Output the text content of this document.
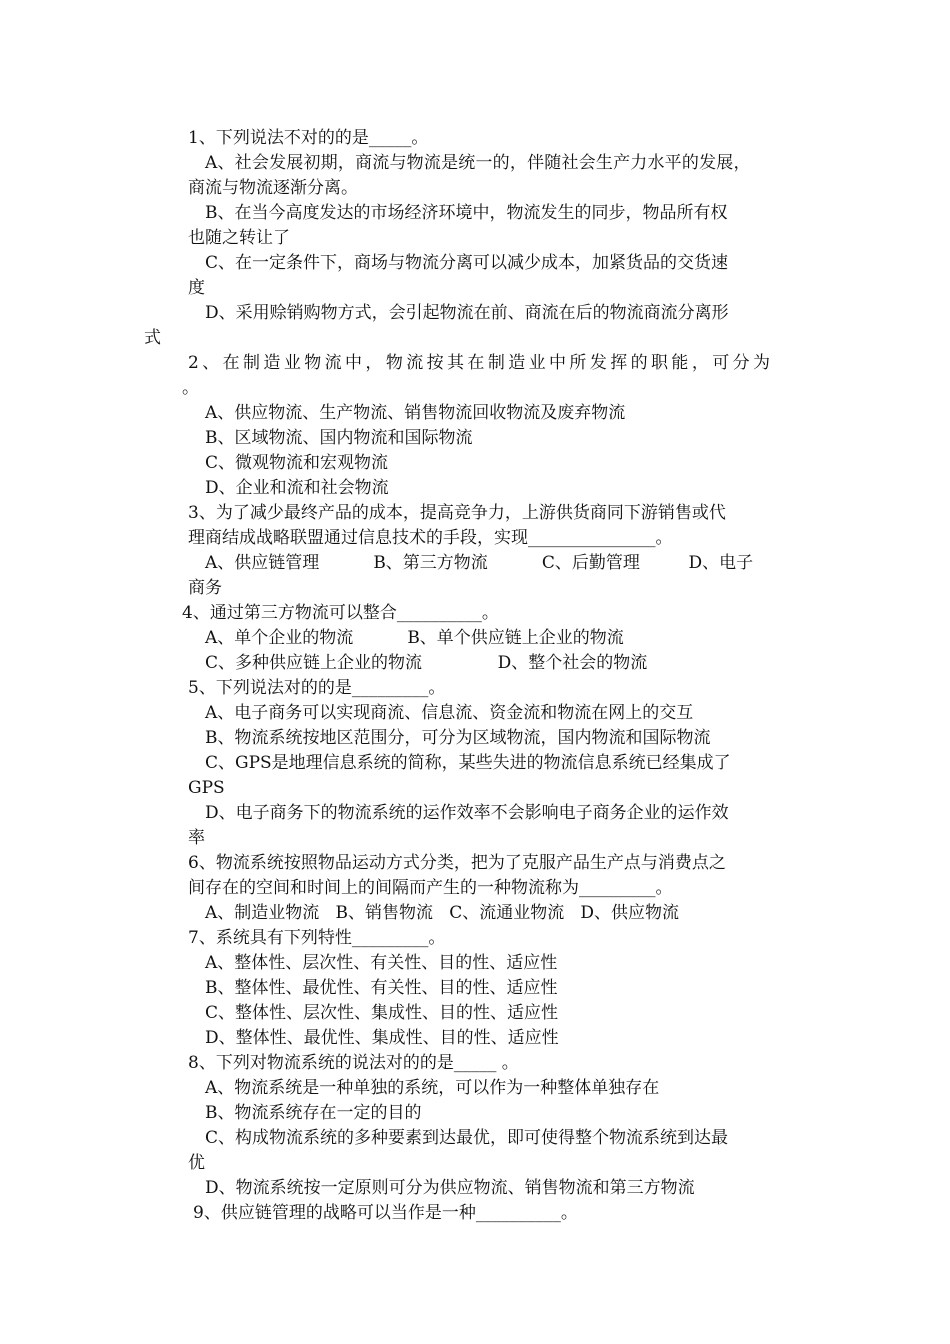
1、下列说法不对的的是_____。

A、社会发展初期，商流与物流是统一的，伴随社会生产力水平的发展，

商流与物流逐渐分离。

B、在当今高度发达的市场经济环境中，物流发生的同步，物品所有权

也随之转让了

C、在一定条件下，商场与物流分离可以减少成本，加紧货品的交货速

度

D、采用赊销购物方式，会引起物流在前、商流在后的物流商流分离形

式

2、在制造业物流中，物流按其在制造业中所发挥的职能，可分为

。

A、供应物流、生产物流、销售物流回收物流及废弃物流

B、区域物流、国内物流和国际物流

C、微观物流和宏观物流

D、企业和流和社会物流

3、为了减少最终产品的成本，提高竞争力，上游供货商同下游销售或代

理商结成战略联盟通过信息技术的手段，实现_______________。

A、供应链管理          B、第三方物流          C、后勤管理         D、电子

商务

4、通过第三方物流可以整合__________。

A、单个企业的物流          B、单个供应链上企业的物流

C、多种供应链上企业的物流              D、整个社会的物流

5、下列说法对的的是_________。

A、电子商务可以实现商流、信息流、资金流和物流在网上的交互

B、物流系统按地区范围分，可分为区域物流，国内物流和国际物流

C、GPS是地理信息系统的简称，某些失进的物流信息系统已经集成了

GPS

D、电子商务下的物流系统的运作效率不会影响电子商务企业的运作效

率

6、物流系统按照物品运动方式分类，把为了克服产品生产点与消费点之

间存在的空间和时间上的间隔而产生的一种物流称为_________。

A、制造业物流   B、销售物流   C、流通业物流   D、供应物流

7、系统具有下列特性_________。

A、整体性、层次性、有关性、目的性、适应性

B、整体性、最优性、有关性、目的性、适应性

C、整体性、层次性、集成性、目的性、适应性

D、整体性、最优性、集成性、目的性、适应性

8、下列对物流系统的说法对的的是_____ 。

A、物流系统是一种单独的系统，可以作为一种整体单独存在

B、物流系统存在一定的目的

C、构成物流系统的多种要素到达最优，即可使得整个物流系统到达最

优

D、物流系统按一定原则可分为供应物流、销售物流和第三方物流

9、供应链管理的战略可以当作是一种__________。
